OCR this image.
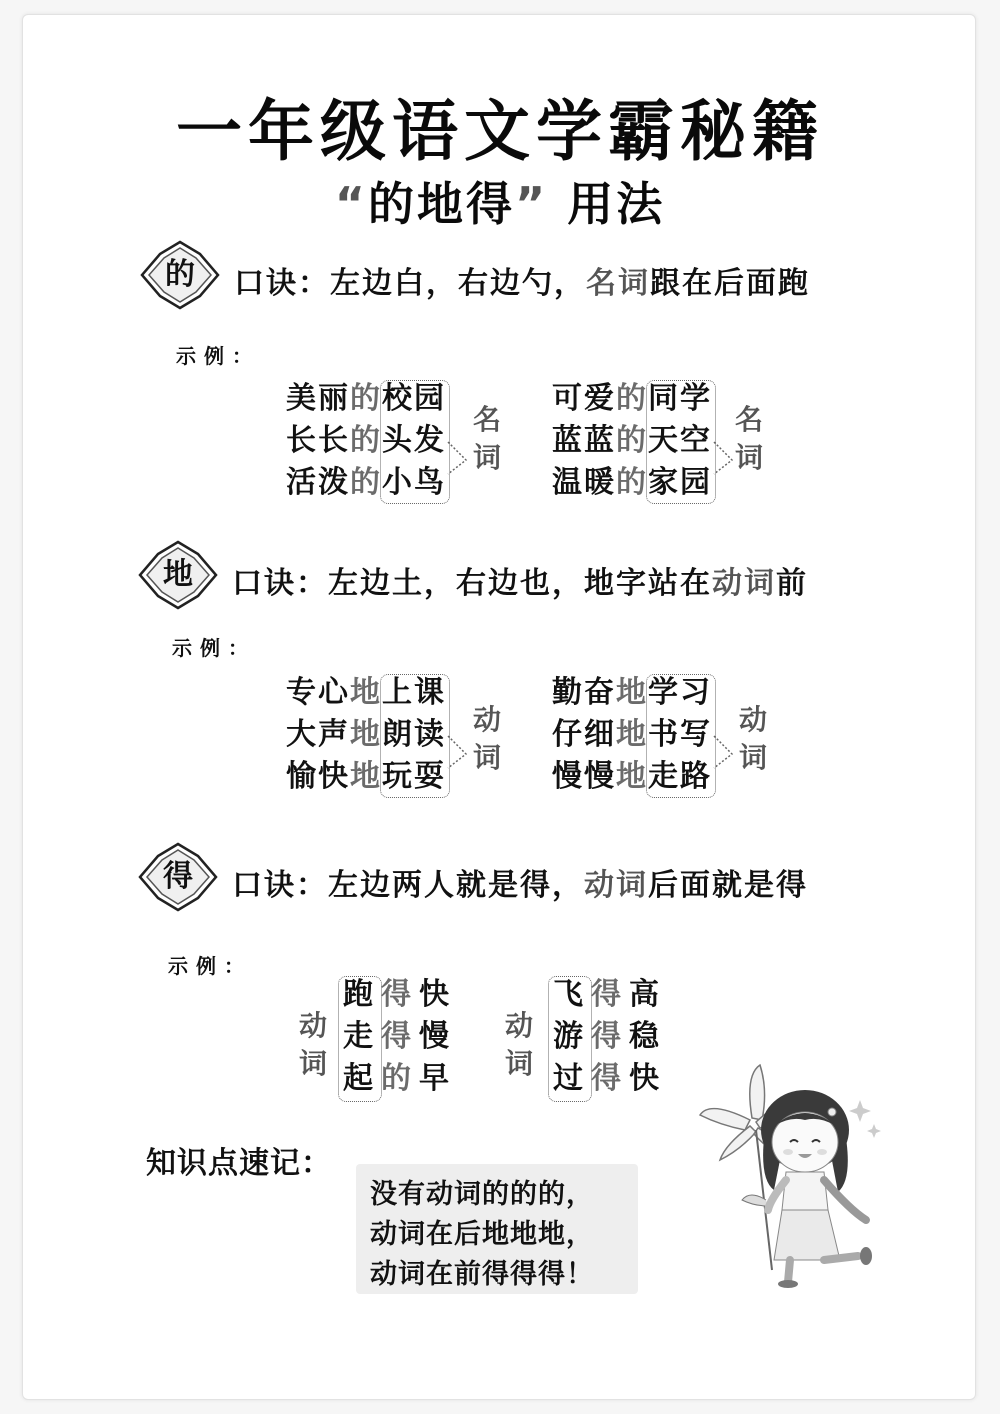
一年级语文学霸秘籍
“的地得” 用法
的	口诀：左边白，右边勺，名词跟在后面跑
示例：
美丽的校园
长长的头发
活泼的小鸟
名
词
可爱的同学
蓝蓝的天空
温暖的家园
名
词
地	口诀：左边土，右边也，地字站在动词前
示例：
专心地上课
大声地朗读
愉快地玩耍
动
词
勤奋地学习
仔细地书写
慢慢地走路
动
词
得	口诀：左边两人就是得，动词后面就是得
示例：
动
词
跑 得 快
走 得 慢
起 的 早
动
词
飞 得 高
游 得 稳
过 得 快
知识点速记：
没有动词的的的，
动词在后地地地，
动词在前得得得！
